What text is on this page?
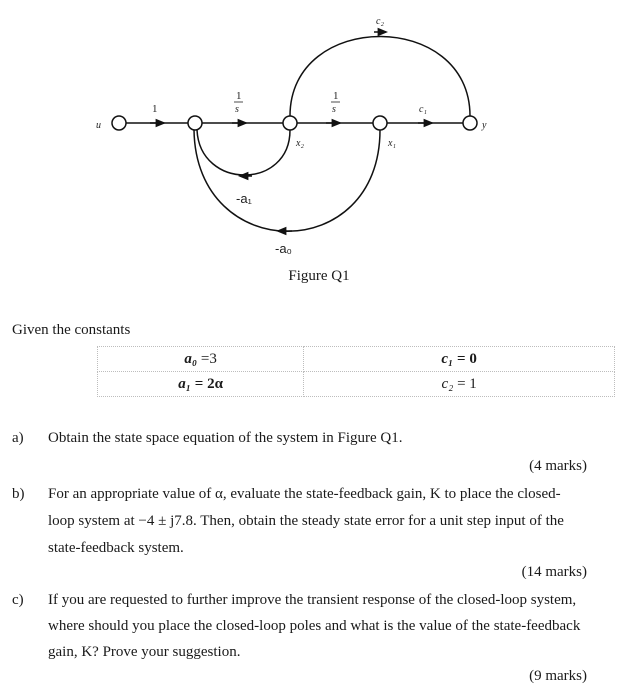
u	y
1
1
s
1
s
c₂
c₁
x₂	x₁
-a₁
-a₀
Figure Q1
Given the constants
a₀ =3	c₁ = 0
a₁ = 2α	c₂ = 1
a) Obtain the state space equation of the system in Figure Q1.
(4 marks)
b) For an appropriate value of α, evaluate the state-feedback gain, K to place the closed-
loop system at −4 ± j7.8. Then, obtain the steady state error for a unit step input of the
state-feedback system.
(14 marks)
c) If you are requested to further improve the transient response of the closed-loop system,
where should you place the closed-loop poles and what is the value of the state-feedback
gain, K? Prove your suggestion.
(9 marks)
